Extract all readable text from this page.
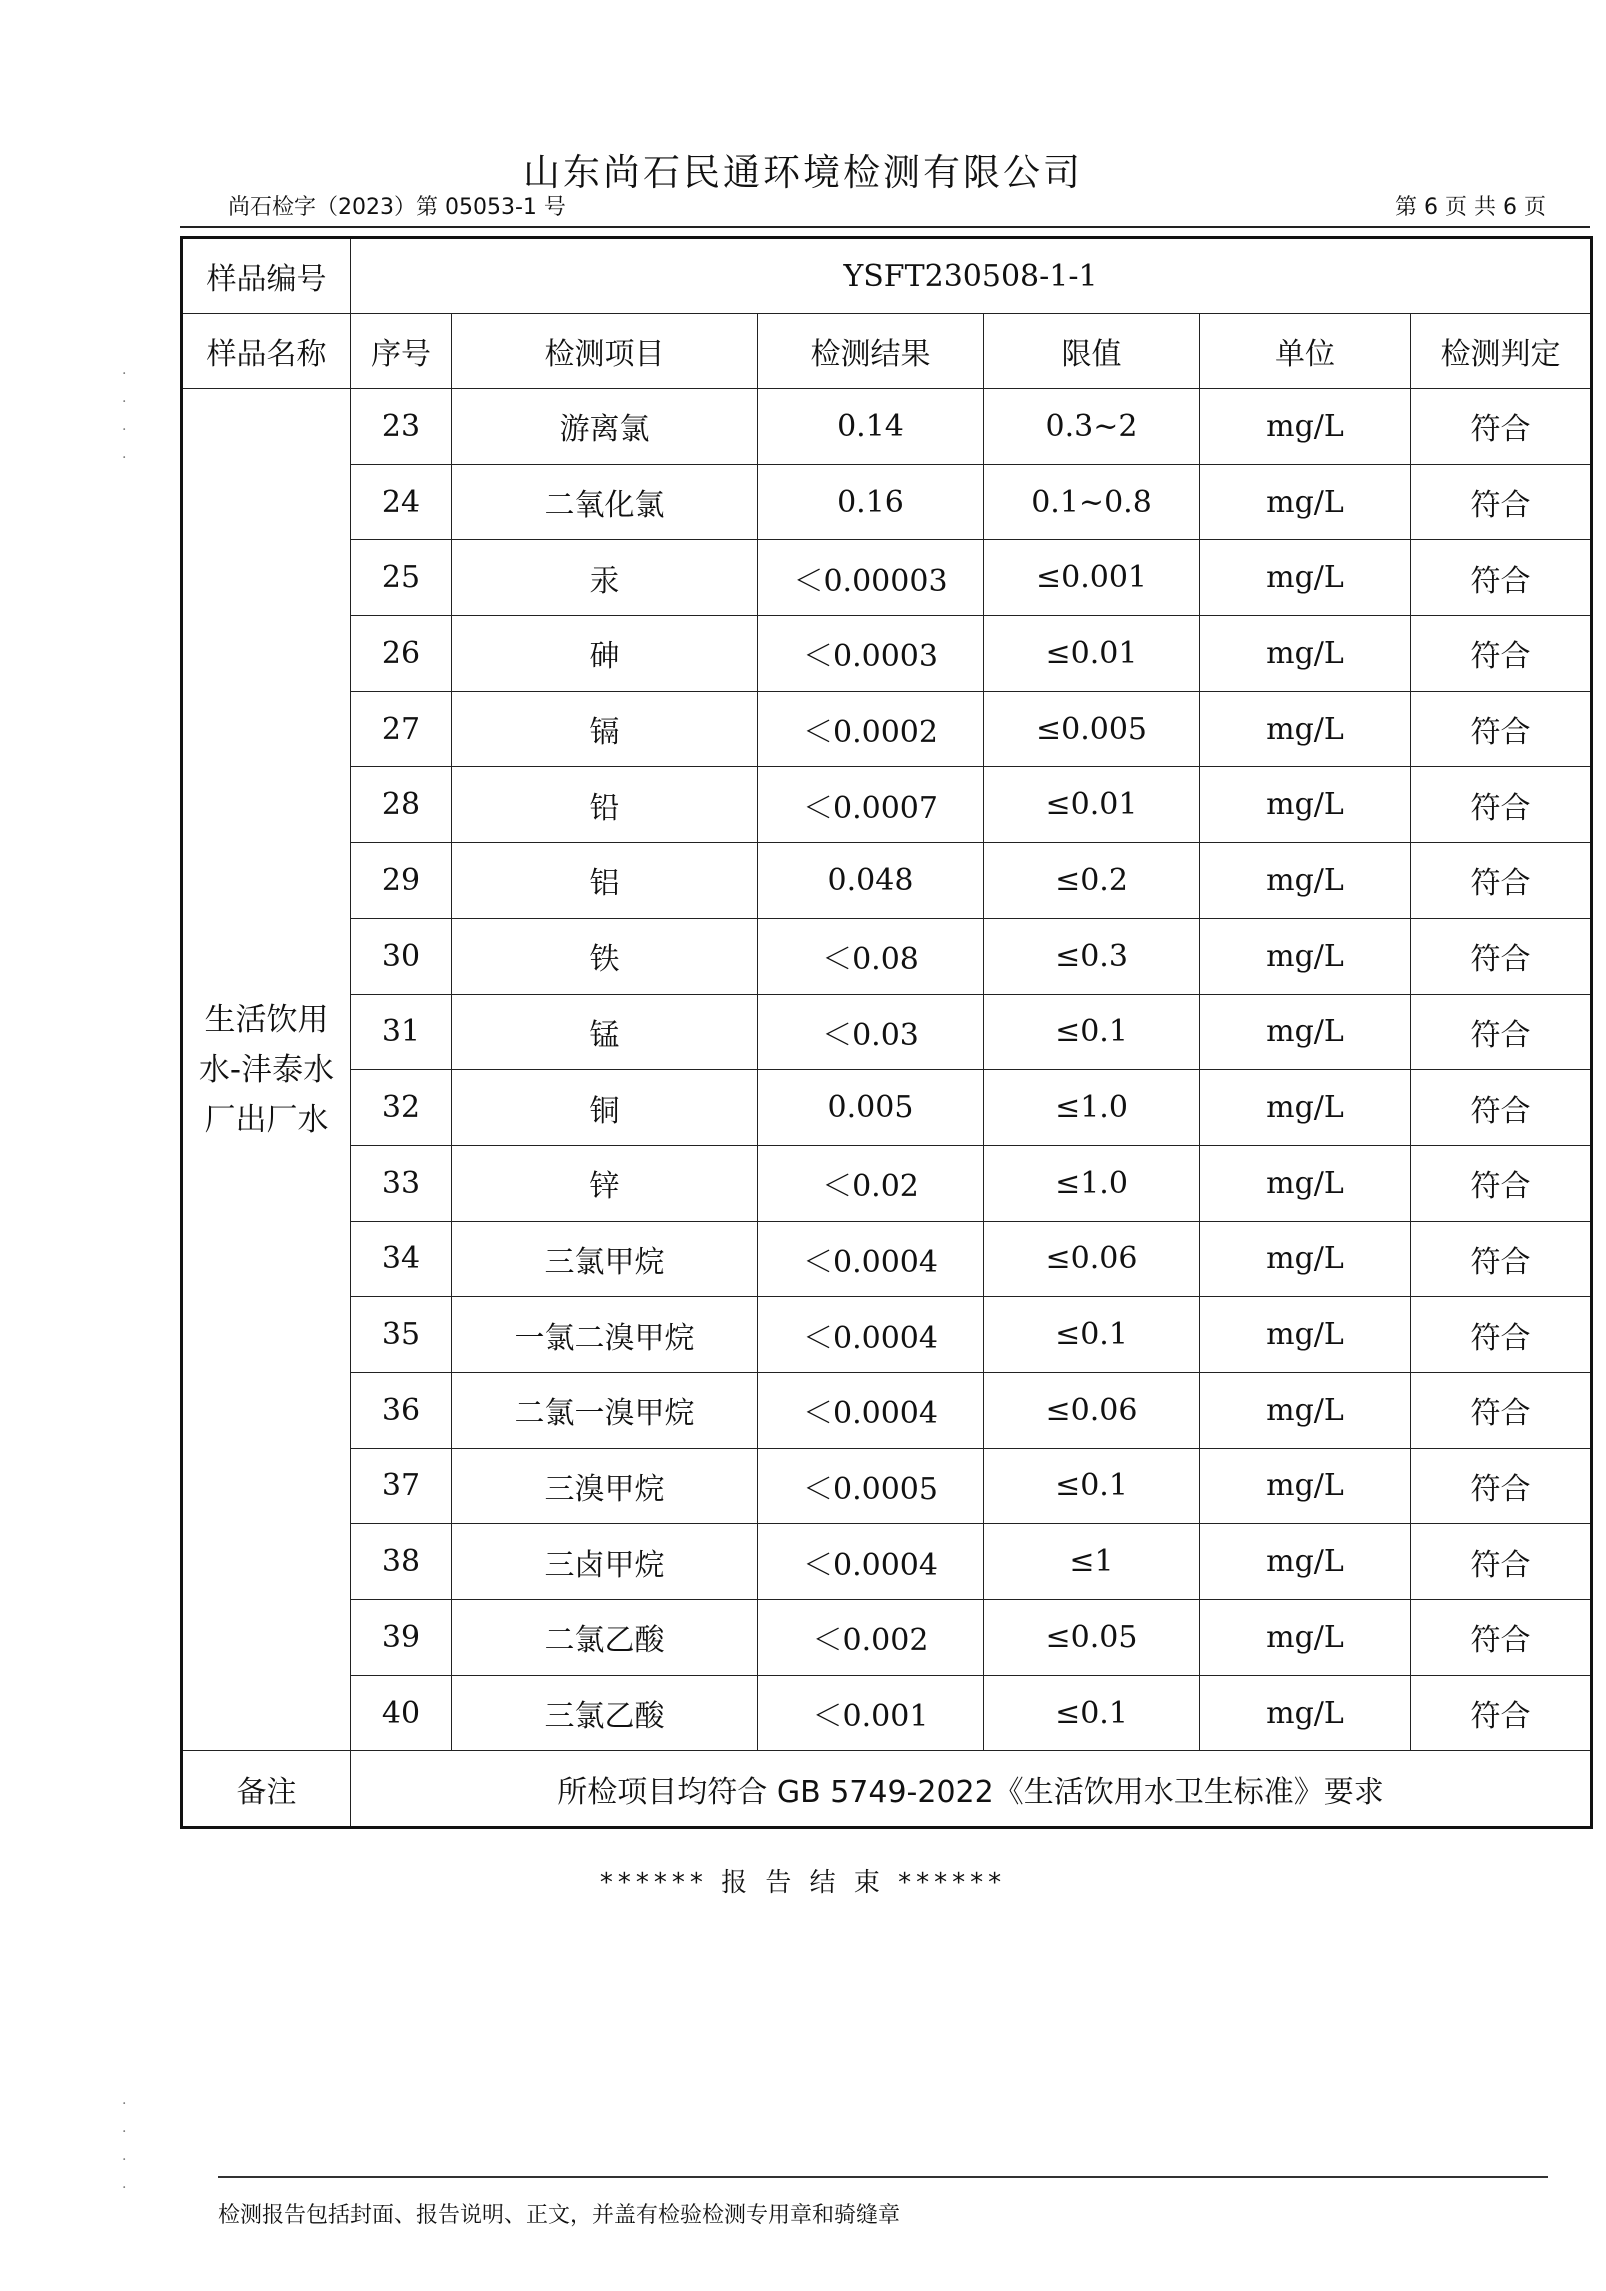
山东尚石民通环境检测有限公司
尚石检字（2023）第 05053-1 号	第 6 页 共 6 页
·
·
·
·
·
·
·
·
样品编号	YSFT230508-1-1					
样品名称	序号	检测项目	检测结果	限值	单位	检测判定
生活饮用水-沣泰水厂出厂水	23	游离氯	0.14	0.3~2	mg/L	符合
	24	二氧化氯	0.16	0.1~0.8	mg/L	符合
	25	汞	＜0.00003	≤0.001	mg/L	符合
	26	砷	＜0.0003	≤0.01	mg/L	符合
	27	镉	＜0.0002	≤0.005	mg/L	符合
	28	铅	＜0.0007	≤0.01	mg/L	符合
	29	铝	0.048	≤0.2	mg/L	符合
	30	铁	＜0.08	≤0.3	mg/L	符合
	31	锰	＜0.03	≤0.1	mg/L	符合
	32	铜	0.005	≤1.0	mg/L	符合
	33	锌	＜0.02	≤1.0	mg/L	符合
	34	三氯甲烷	＜0.0004	≤0.06	mg/L	符合
	35	一氯二溴甲烷	＜0.0004	≤0.1	mg/L	符合
	36	二氯一溴甲烷	＜0.0004	≤0.06	mg/L	符合
	37	三溴甲烷	＜0.0005	≤0.1	mg/L	符合
	38	三卤甲烷	＜0.0004	≤1	mg/L	符合
	39	二氯乙酸	＜0.002	≤0.05	mg/L	符合
	40	三氯乙酸	＜0.001	≤0.1	mg/L	符合
备注	所检项目均符合 GB 5749-2022《生活饮用水卫生标准》要求					
****** 报 告 结 束 ******
检测报告包括封面、报告说明、正文，并盖有检验检测专用章和骑缝章
